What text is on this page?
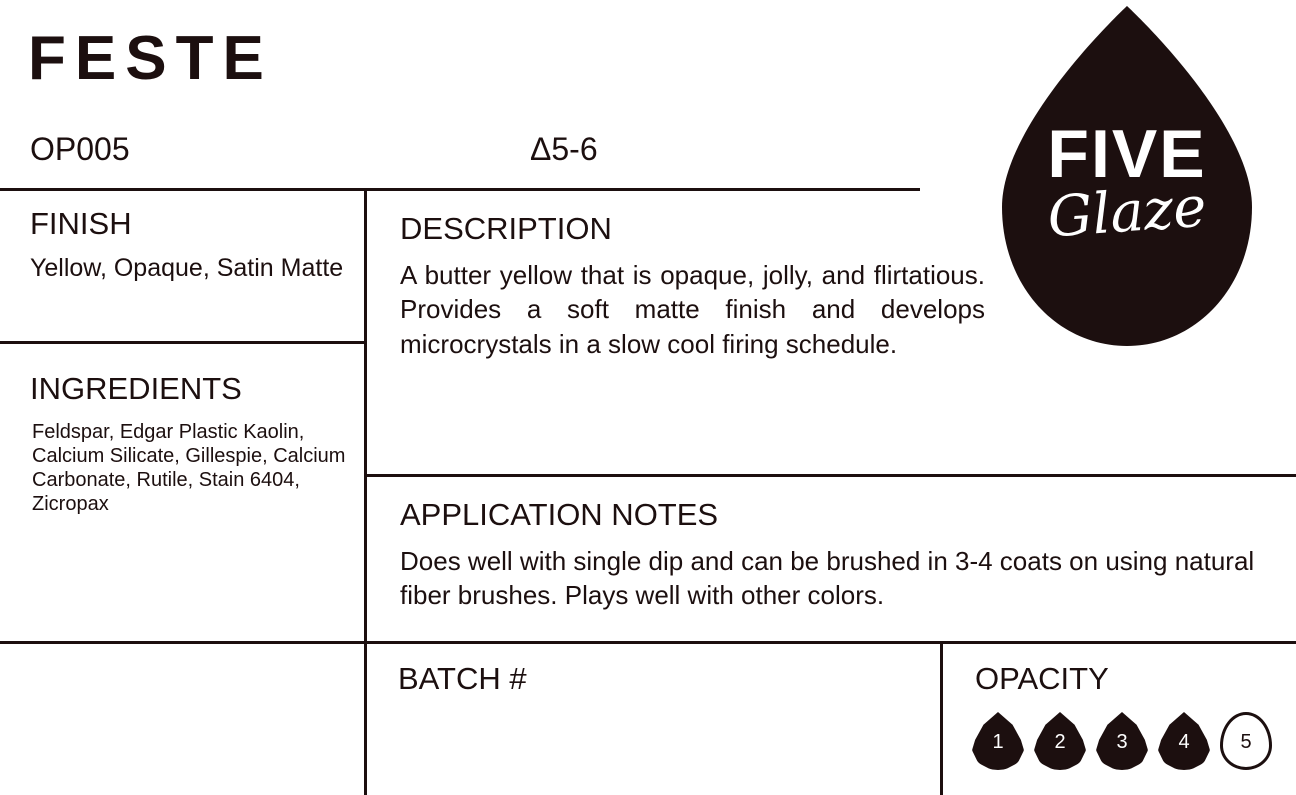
FESTE
OP005	Δ5-6	FIVE
Glaze
FINISH
Yellow, Opaque, Satin Matte
INGREDIENTS
Feldspar, Edgar Plastic Kaolin, Calcium Silicate, Gillespie, Calcium Carbonate, Rutile, Stain 6404, Zicropax
DESCRIPTION
A butter yellow that is opaque, jolly, and flirtatious. Provides a soft matte finish and develops microcrystals in a slow cool firing schedule.
APPLICATION NOTES
Does well with single dip and can be brushed in 3-4 coats on using natural fiber brushes. Plays well with other colors.
BATCH #	OPACITY
1	2	3	4	5
